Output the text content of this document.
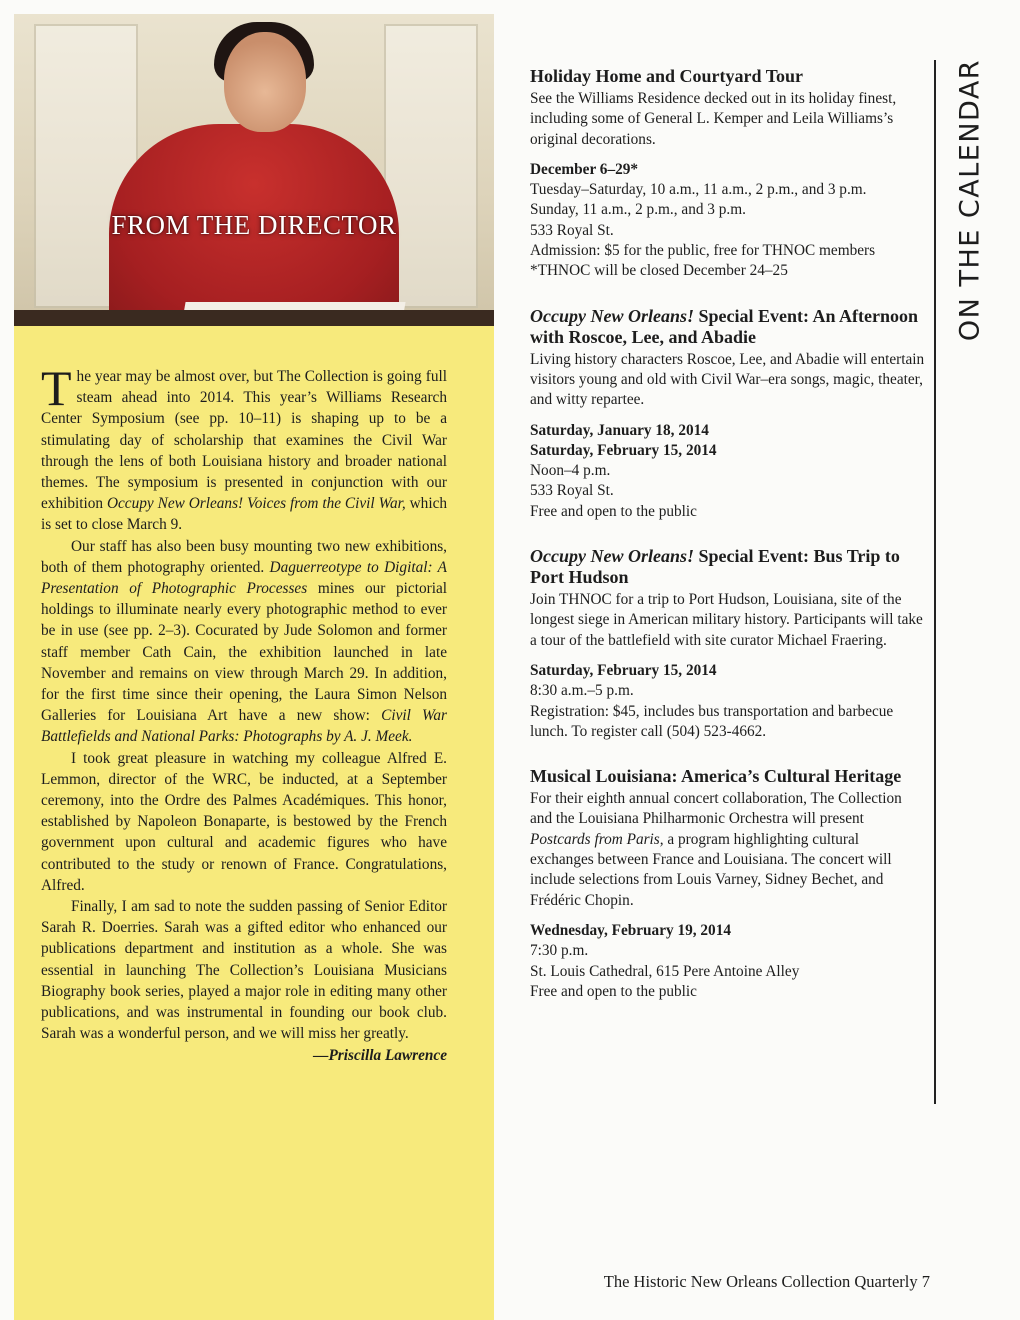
FROM THE DIRECTOR

The year may be almost over, but The Collection is going full steam ahead into 2014. This year’s Williams Research Center Symposium (see pp. 10–11) is shaping up to be a stimulating day of scholarship that examines the Civil War through the lens of both Louisiana history and broader national themes. The symposium is presented in conjunction with our exhibition Occupy New Orleans! Voices from the Civil War, which is set to close March 9.

Our staff has also been busy mounting two new exhibitions, both of them photography oriented. Daguerreotype to Digital: A Presentation of Photographic Processes mines our pictorial holdings to illuminate nearly every photographic method to ever be in use (see pp. 2–3). Cocurated by Jude Solomon and former staff member Cath Cain, the exhibition launched in late November and remains on view through March 29. In addition, for the first time since their opening, the Laura Simon Nelson Galleries for Louisiana Art have a new show: Civil War Battlefields and National Parks: Photographs by A. J. Meek.

I took great pleasure in watching my colleague Alfred E. Lemmon, director of the WRC, be inducted, at a September ceremony, into the Ordre des Palmes Académiques. This honor, established by Napoleon Bonaparte, is bestowed by the French government upon cultural and academic figures who have contributed to the study or renown of France. Congratulations, Alfred.

Finally, I am sad to note the sudden passing of Senior Editor Sarah R. Doerries. Sarah was a gifted editor who enhanced our publications department and institution as a whole. She was essential in launching The Collection’s Louisiana Musicians Biography book series, played a major role in editing many other publications, and was instrumental in founding our book club. Sarah was a wonderful person, and we will miss her greatly.

—Priscilla Lawrence
Holiday Home and Courtyard Tour

See the Williams Residence decked out in its holiday finest, including some of General L. Kemper and Leila Williams’s original decorations.

December 6–29*
Tuesday–Saturday, 10 a.m., 11 a.m., 2 p.m., and 3 p.m.
Sunday, 11 a.m., 2 p.m., and 3 p.m.
533 Royal St.
Admission: $5 for the public, free for THNOC members
*THNOC will be closed December 24–25
Occupy New Orleans! Special Event: An Afternoon with Roscoe, Lee, and Abadie

Living history characters Roscoe, Lee, and Abadie will entertain visitors young and old with Civil War–era songs, magic, theater, and witty repartee.

Saturday, January 18, 2014
Saturday, February 15, 2014
Noon–4 p.m.
533 Royal St.
Free and open to the public
Occupy New Orleans! Special Event: Bus Trip to Port Hudson

Join THNOC for a trip to Port Hudson, Louisiana, site of the longest siege in American military history. Participants will take a tour of the battlefield with site curator Michael Fraering.

Saturday, February 15, 2014
8:30 a.m.–5 p.m.
Registration: $45, includes bus transportation and barbecue lunch. To register call (504) 523-4662.
Musical Louisiana: America’s Cultural Heritage

For their eighth annual concert collaboration, The Collection and the Louisiana Philharmonic Orchestra will present Postcards from Paris, a program highlighting cultural exchanges between France and Louisiana. The concert will include selections from Louis Varney, Sidney Bechet, and Frédéric Chopin.

Wednesday, February 19, 2014
7:30 p.m.
St. Louis Cathedral, 615 Pere Antoine Alley
Free and open to the public
ON THE CALENDAR
The Historic New Orleans Collection Quarterly 7
